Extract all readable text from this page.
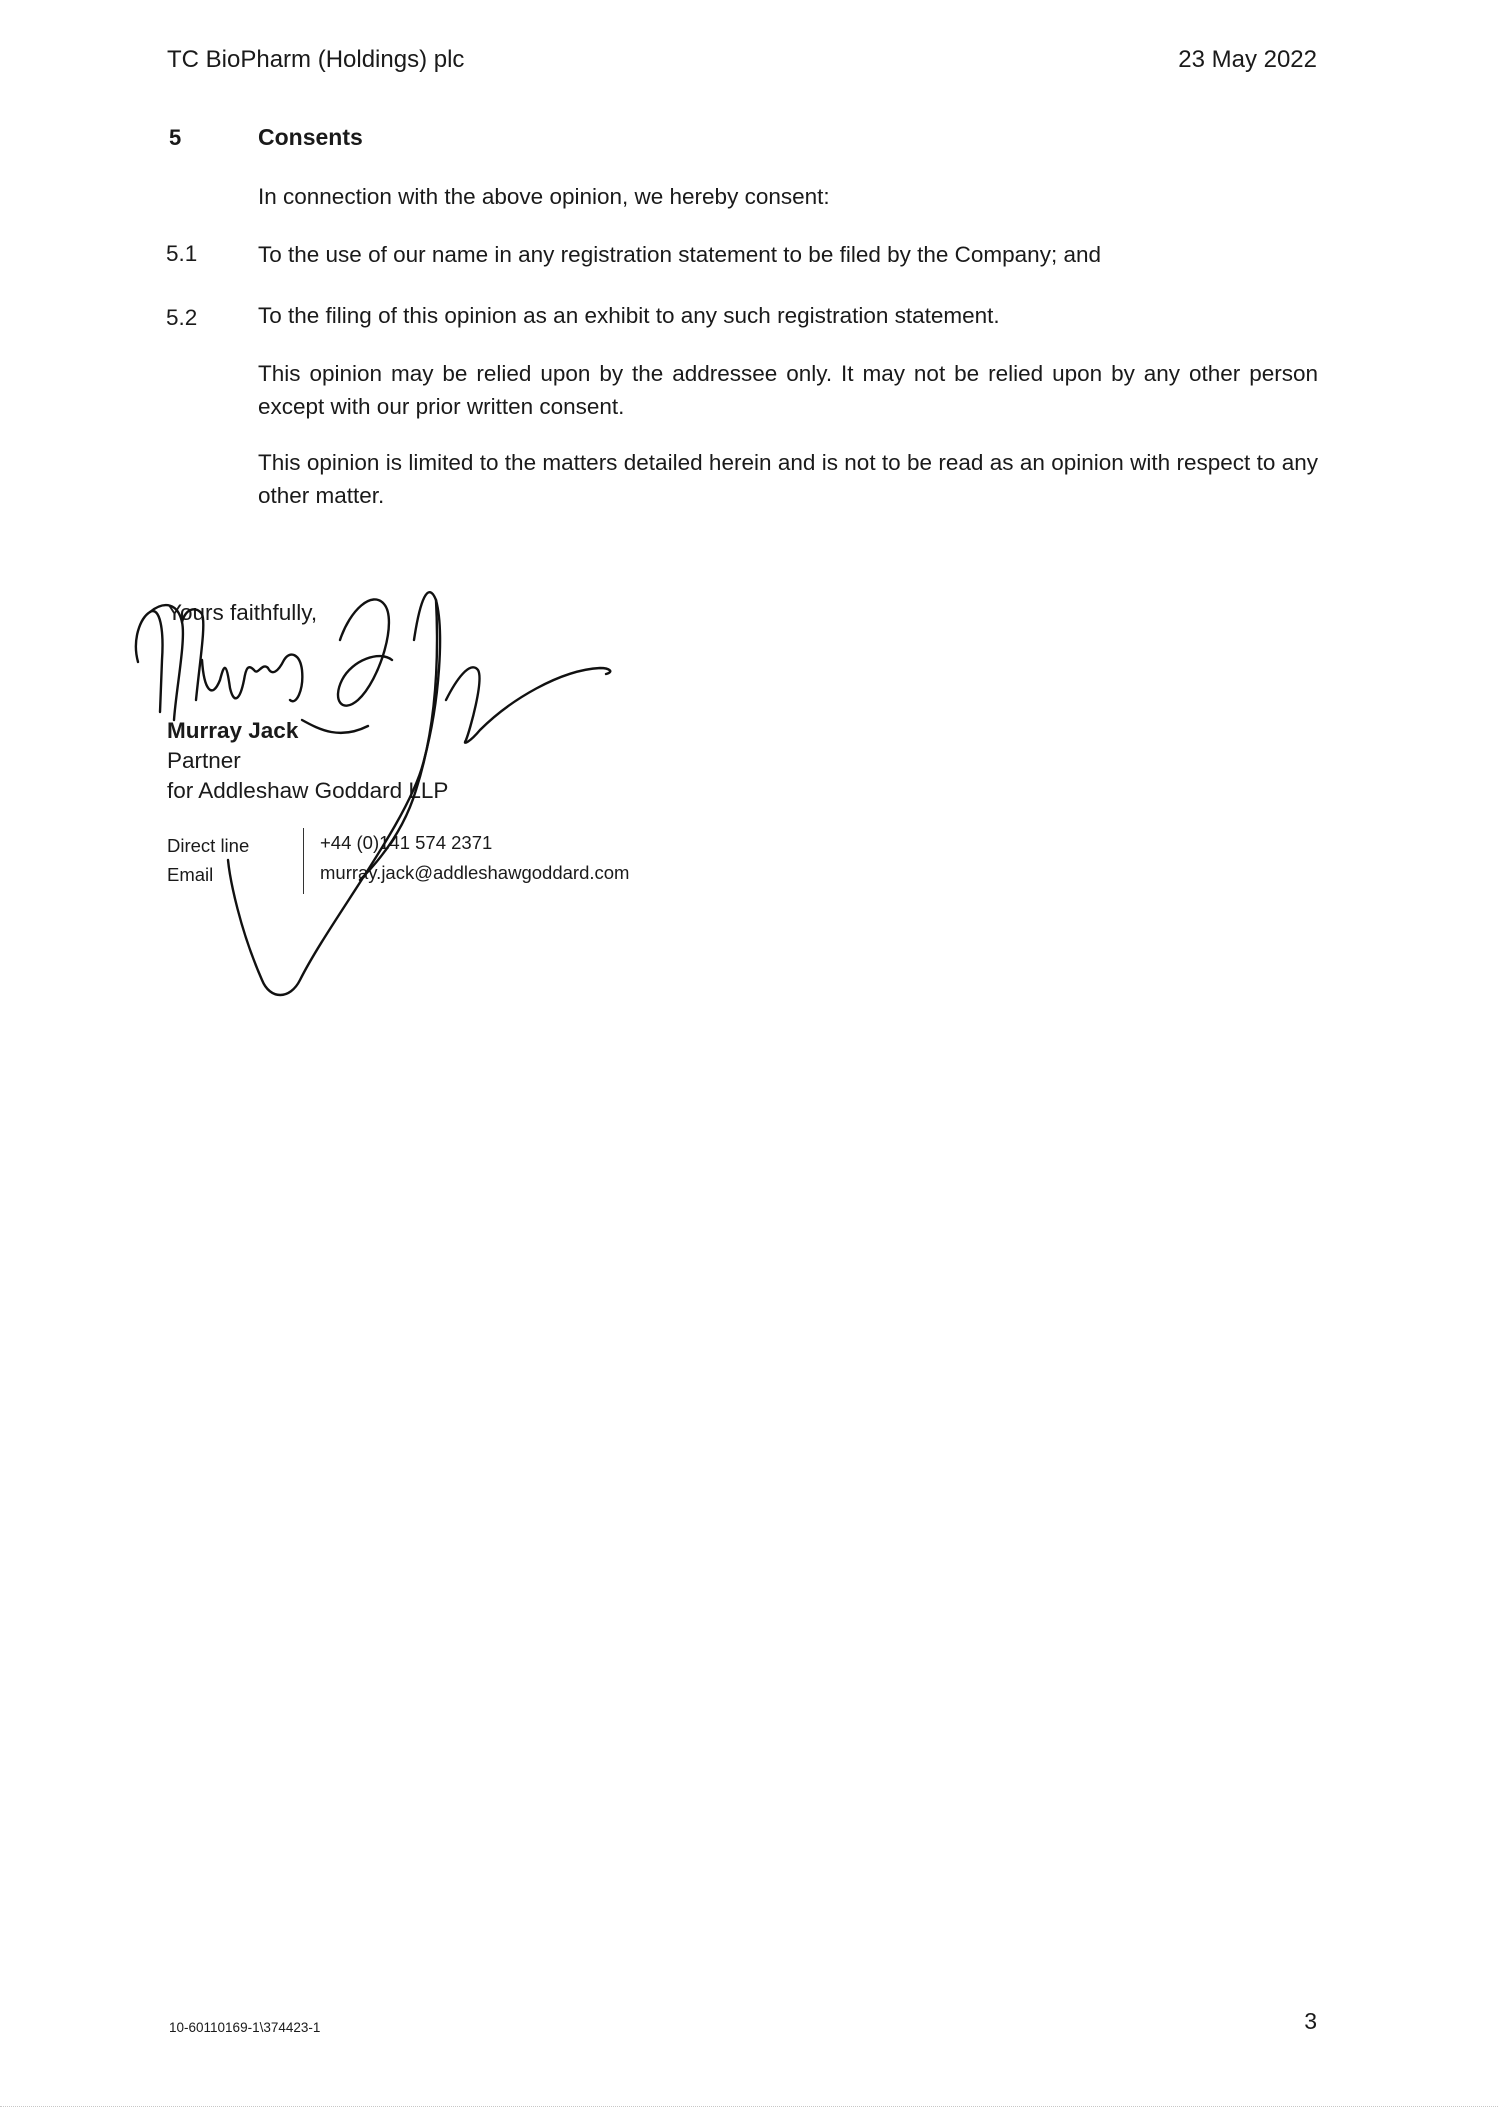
TC BioPharm (Holdings) plc	23 May 2022
5	Consents
In connection with the above opinion, we hereby consent:
5.1	To the use of our name in any registration statement to be filed by the Company; and
5.2	To the filing of this opinion as an exhibit to any such registration statement.
This opinion may be relied upon by the addressee only. It may not be relied upon by any other person except with our prior written consent.
This opinion is limited to the matters detailed herein and is not to be read as an opinion with respect to any other matter.
Yours faithfully,
Murray Jack
Partner
for Addleshaw Goddard LLP
Direct line	+44 (0)141 574 2371
Email	murray.jack@addleshawgoddard.com
10-60110169-1\374423-1	3
